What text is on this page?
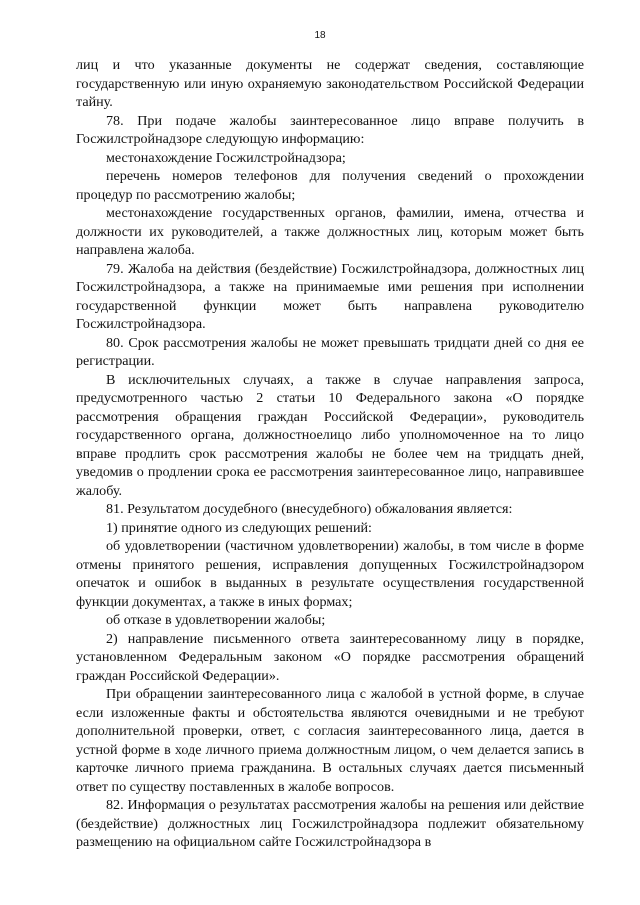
18

лиц и что указанные документы не содержат сведения, составляющие государственную или иную охраняемую законодательством Российской Федерации тайну.

78. При подаче жалобы заинтересованное лицо вправе получить в Госжилстройнадзоре следующую информацию:

местонахождение Госжилстройнадзора;

перечень номеров телефонов для получения сведений о прохождении процедур по рассмотрению жалобы;

местонахождение государственных органов, фамилии, имена, отчества и должности их руководителей, а также должностных лиц, которым может быть направлена жалоба.

79. Жалоба на действия (бездействие) Госжилстройнадзора, должностных лиц Госжилстройнадзора, а также на принимаемые ими решения при исполнении государственной функции может быть направлена руководителю Госжилстройнадзора.

80. Срок рассмотрения жалобы не может превышать тридцати дней со дня ее регистрации.

В исключительных случаях, а также в случае направления запроса, предусмотренного частью 2 статьи 10 Федерального закона «О порядке рассмотрения обращения граждан Российской Федерации», руководитель государственного органа, должностноелицо либо уполномоченное на то лицо вправе продлить срок рассмотрения жалобы не более чем на тридцать дней, уведомив о продлении срока ее рассмотрения заинтересованное лицо, направившее жалобу.

81. Результатом досудебного (внесудебного) обжалования является:

1) принятие одного из следующих решений:

об удовлетворении (частичном удовлетворении) жалобы, в том числе в форме отмены принятого решения, исправления допущенных Госжилстройнадзором опечаток и ошибок в выданных в результате осуществления государственной функции документах, а также в иных формах;

об отказе в удовлетворении жалобы;

2) направление письменного ответа заинтересованному лицу в порядке, установленном Федеральным законом «О порядке рассмотрения обращений граждан Российской Федерации».

При обращении заинтересованного лица с жалобой в устной форме, в случае если изложенные факты и обстоятельства являются очевидными и не требуют дополнительной проверки, ответ, с согласия заинтересованного лица, дается в устной форме в ходе личного приема должностным лицом, о чем делается запись в карточке личного приема гражданина. В остальных случаях дается письменный ответ по существу поставленных в жалобе вопросов.

82. Информация о результатах рассмотрения жалобы на решения или действие (бездействие) должностных лиц Госжилстройнадзора подлежит обязательному размещению на официальном сайте Госжилстройнадзора в
